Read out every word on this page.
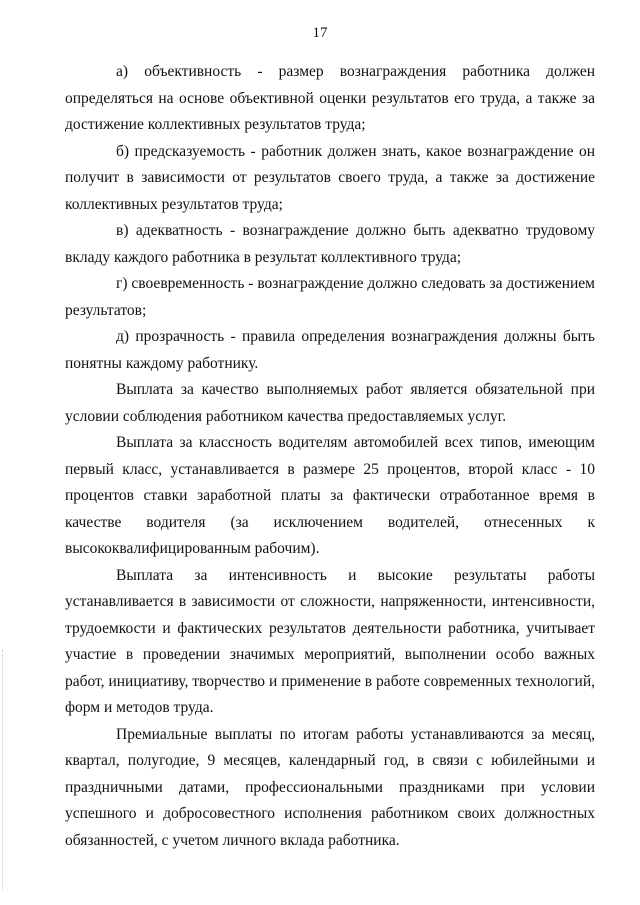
17

а) объективность - размер вознаграждения работника должен определяться на основе объективной оценки результатов его труда, а также за достижение коллективных результатов труда;

б) предсказуемость - работник должен знать, какое вознаграждение он получит в зависимости от результатов своего труда, а также за достижение коллективных результатов труда;

в) адекватность - вознаграждение должно быть адекватно трудовому вкладу каждого работника в результат коллективного труда;

г) своевременность - вознаграждение должно следовать за достижением результатов;

д) прозрачность - правила определения вознаграждения должны быть понятны каждому работнику.

Выплата за качество выполняемых работ является обязательной при условии соблюдения работником качества предоставляемых услуг.

Выплата за классность водителям автомобилей всех типов, имеющим первый класс, устанавливается в размере 25 процентов, второй класс - 10 процентов ставки заработной платы за фактически отработанное время в качестве водителя (за исключением водителей, отнесенных к высококвалифицированным рабочим).

Выплата за интенсивность и высокие результаты работы устанавливается в зависимости от сложности, напряженности, интенсивности, трудоемкости и фактических результатов деятельности работника, учитывает участие в проведении значимых мероприятий, выполнении особо важных работ, инициативу, творчество и применение в работе современных технологий, форм и методов труда.

Премиальные выплаты по итогам работы устанавливаются за месяц, квартал, полугодие, 9 месяцев, календарный год, в связи с юбилейными и праздничными датами, профессиональными праздниками при условии успешного и добросовестного исполнения работником своих должностных обязанностей, с учетом личного вклада работника.
